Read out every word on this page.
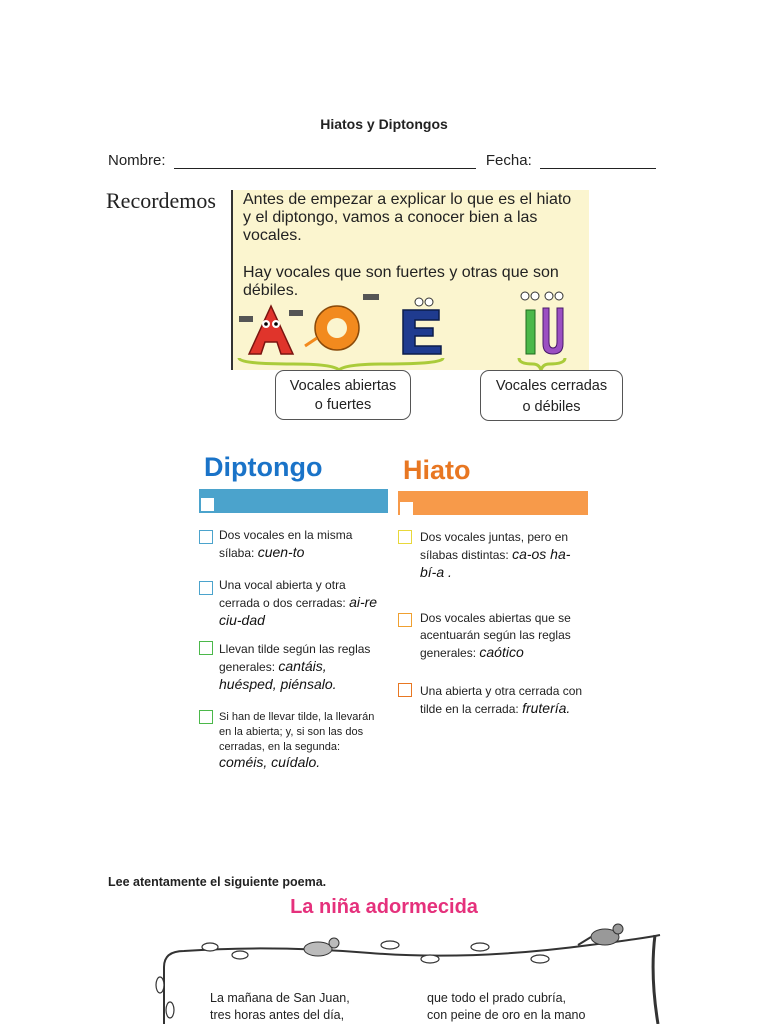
Hiatos y Diptongos
Nombre:	Fecha:
Recordemos Antes de empezar a explicar lo que es el hiato y el diptongo, vamos a conocer bien a las vocales.

Hay vocales que son fuertes y otras que son débiles.

Vocales abiertas
o fuertes
Vocales cerradas
o débiles
Diptongo
Dos vocales en la misma sílaba: cuen-to
Una vocal abierta y otra cerrada o dos cerradas: ai-re ciu-dad
Llevan tilde según las reglas generales: cantáis, huésped, piénsalo.
Si han de llevar tilde, la llevarán en la abierta; y, si son las dos cerradas, en la segunda: coméis, cuídalo.
Hiato
Dos vocales juntas, pero en sílabas distintas: ca-os ha-bí-a .
Dos vocales abiertas que se acentuarán según las reglas generales: caótico
Una abierta y otra cerrada con tilde en la cerrada: frutería.
Lee atentamente el siguiente poema.
La niña adormecida
La mañana de San Juan,
tres horas antes del día,
que todo el prado cubría,
con peine de oro en la mano
